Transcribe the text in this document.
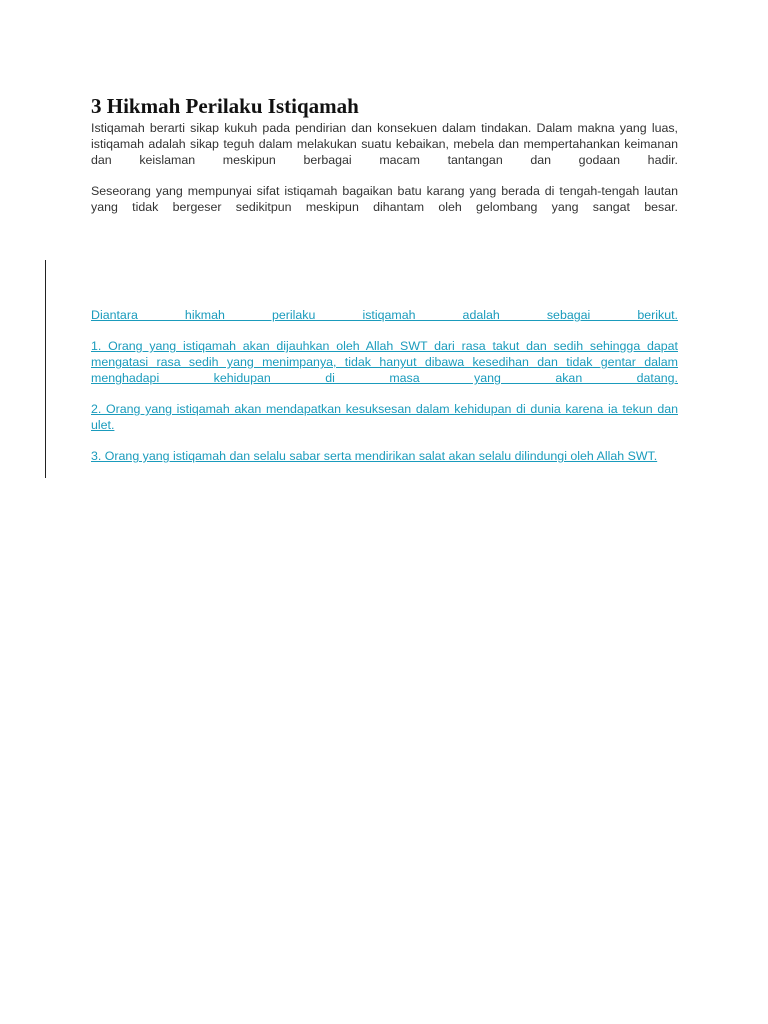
3 Hikmah Perilaku Istiqamah

Istiqamah berarti sikap kukuh pada pendirian dan konsekuen dalam tindakan. Dalam makna yang luas, istiqamah adalah sikap teguh dalam melakukan suatu kebaikan, mebela dan mempertahankan keimanan dan keislaman meskipun berbagai macam tantangan dan godaan hadir.

Seseorang yang mempunyai sifat istiqamah bagaikan batu karang yang berada di tengah-tengah lautan yang tidak bergeser sedikitpun meskipun dihantam oleh gelombang yang sangat besar.

Diantara hikmah perilaku istiqamah adalah sebagai berikut.
1. Orang yang istiqamah akan dijauhkan oleh Allah SWT dari rasa takut dan sedih sehingga dapat mengatasi rasa sedih yang menimpanya, tidak hanyut dibawa kesedihan dan tidak gentar dalam menghadapi kehidupan di masa yang akan datang.
2. Orang yang istiqamah akan mendapatkan kesuksesan dalam kehidupan di dunia karena ia tekun dan ulet.
3. Orang yang istiqamah dan selalu sabar serta mendirikan salat akan selalu dilindungi oleh Allah SWT.
